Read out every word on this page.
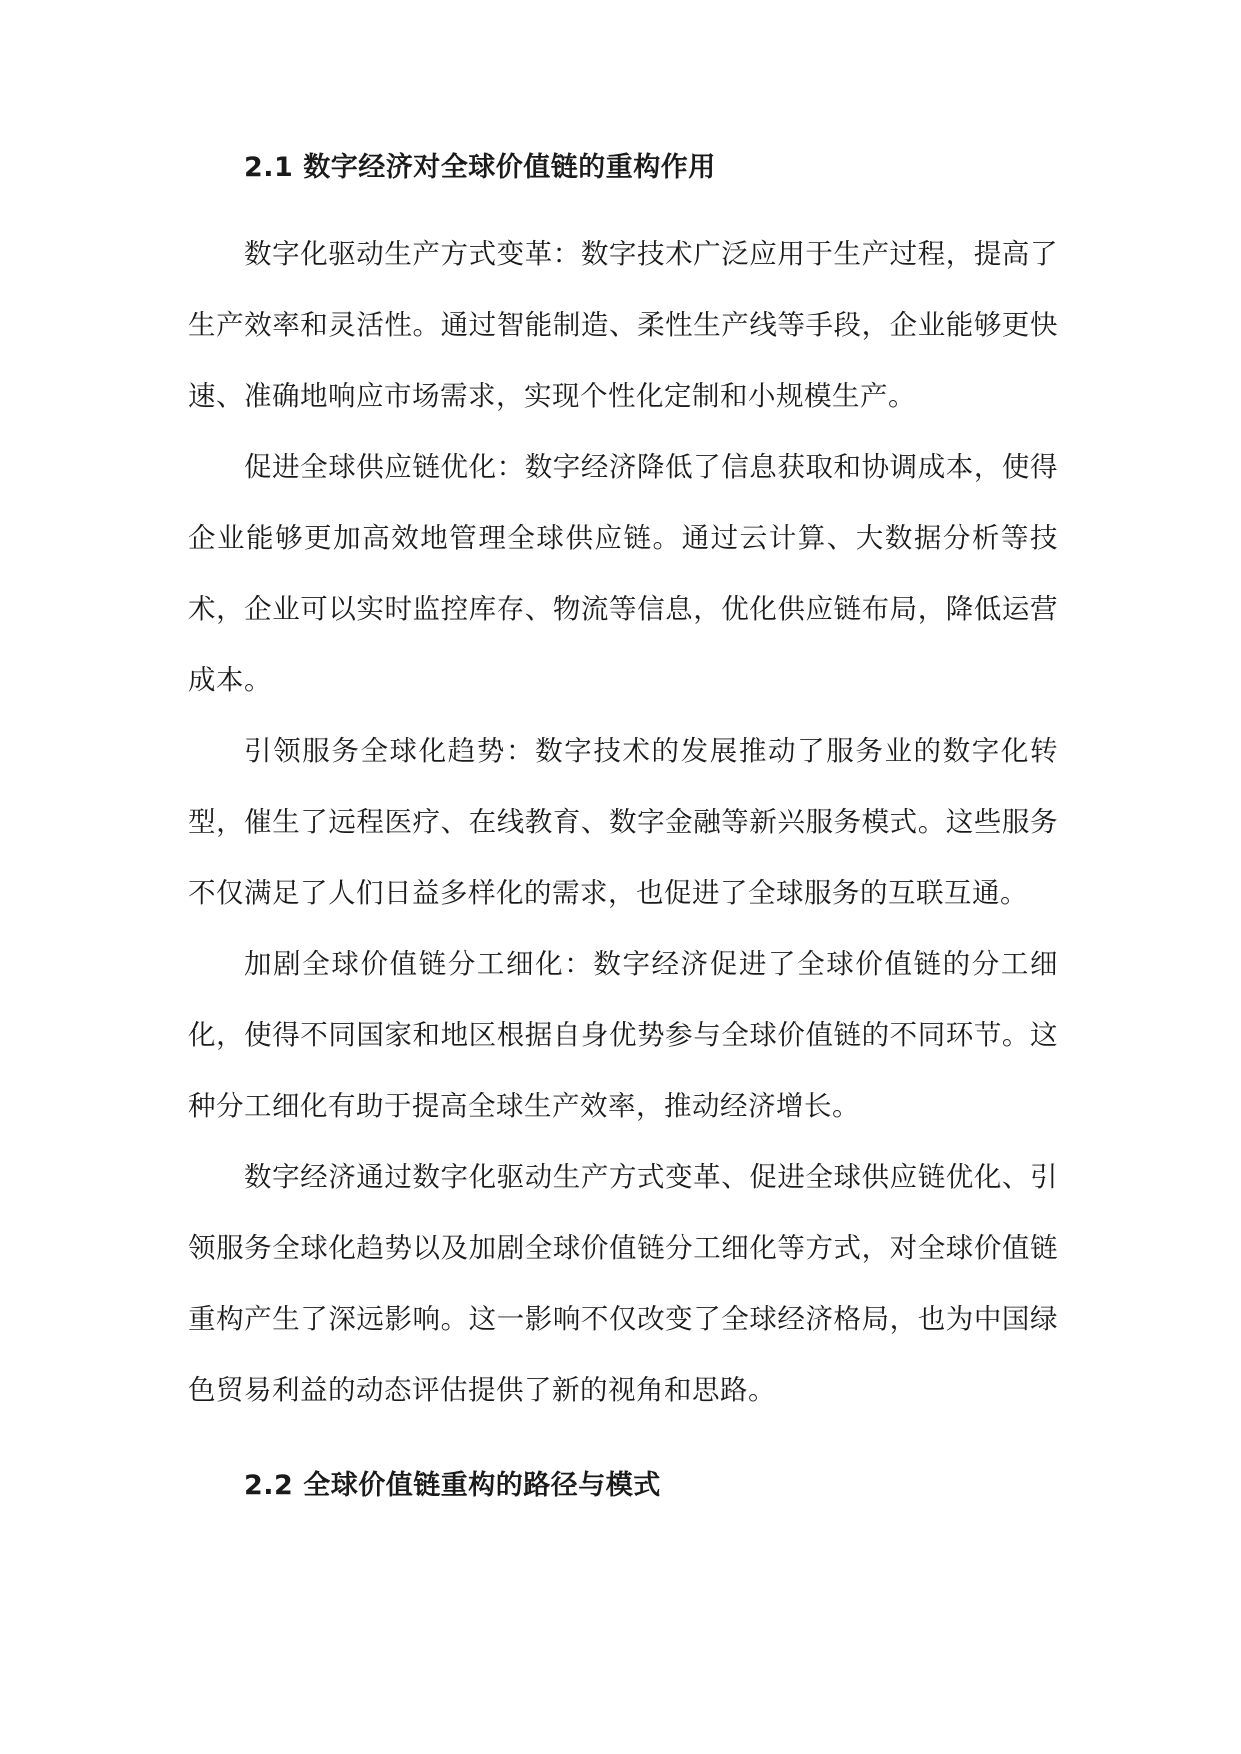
2.1 数字经济对全球价值链的重构作用

数字化驱动生产方式变革：数字技术广泛应用于生产过程，提高了生产效率和灵活性。通过智能制造、柔性生产线等手段，企业能够更快速、准确地响应市场需求，实现个性化定制和小规模生产。

促进全球供应链优化：数字经济降低了信息获取和协调成本，使得企业能够更加高效地管理全球供应链。通过云计算、大数据分析等技术，企业可以实时监控库存、物流等信息，优化供应链布局，降低运营成本。

引领服务全球化趋势：数字技术的发展推动了服务业的数字化转型，催生了远程医疗、在线教育、数字金融等新兴服务模式。这些服务不仅满足了人们日益多样化的需求，也促进了全球服务的互联互通。

加剧全球价值链分工细化：数字经济促进了全球价值链的分工细化，使得不同国家和地区根据自身优势参与全球价值链的不同环节。这种分工细化有助于提高全球生产效率，推动经济增长。

数字经济通过数字化驱动生产方式变革、促进全球供应链优化、引领服务全球化趋势以及加剧全球价值链分工细化等方式，对全球价值链重构产生了深远影响。这一影响不仅改变了全球经济格局，也为中国绿色贸易利益的动态评估提供了新的视角和思路。

2.2 全球价值链重构的路径与模式
